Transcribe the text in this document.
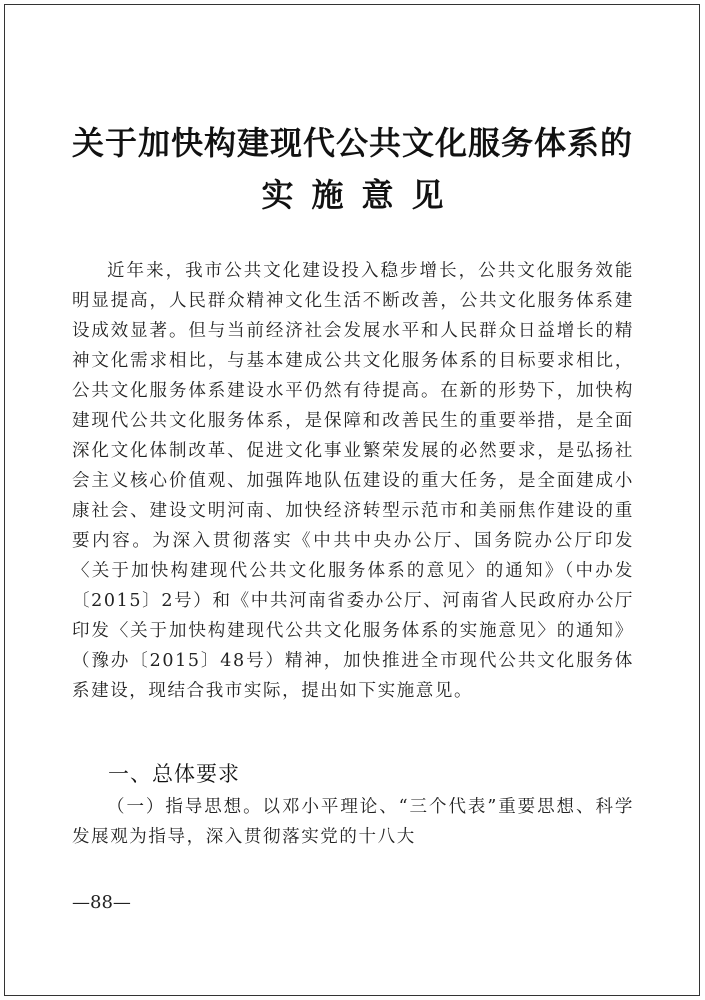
关于加快构建现代公共文化服务体系的
实施意见

近年来，我市公共文化建设投入稳步增长，公共文化服务效能明显提高，人民群众精神文化生活不断改善，公共文化服务体系建设成效显著。但与当前经济社会发展水平和人民群众日益增长的精神文化需求相比，与基本建成公共文化服务体系的目标要求相比，公共文化服务体系建设水平仍然有待提高。在新的形势下，加快构建现代公共文化服务体系，是保障和改善民生的重要举措，是全面深化文化体制改革、促进文化事业繁荣发展的必然要求，是弘扬社会主义核心价值观、加强阵地队伍建设的重大任务，是全面建成小康社会、建设文明河南、加快经济转型示范市和美丽焦作建设的重要内容。为深入贯彻落实《中共中央办公厅、国务院办公厅印发〈关于加快构建现代公共文化服务体系的意见〉的通知》（中办发〔2015〕2号）和《中共河南省委办公厅、河南省人民政府办公厅印发〈关于加快构建现代公共文化服务体系的实施意见〉的通知》（豫办〔2015〕48号）精神，加快推进全市现代公共文化服务体系建设，现结合我市实际，提出如下实施意见。

一、总体要求

（一）指导思想。以邓小平理论、“三个代表”重要思想、科学发展观为指导，深入贯彻落实党的十八大

—88—
